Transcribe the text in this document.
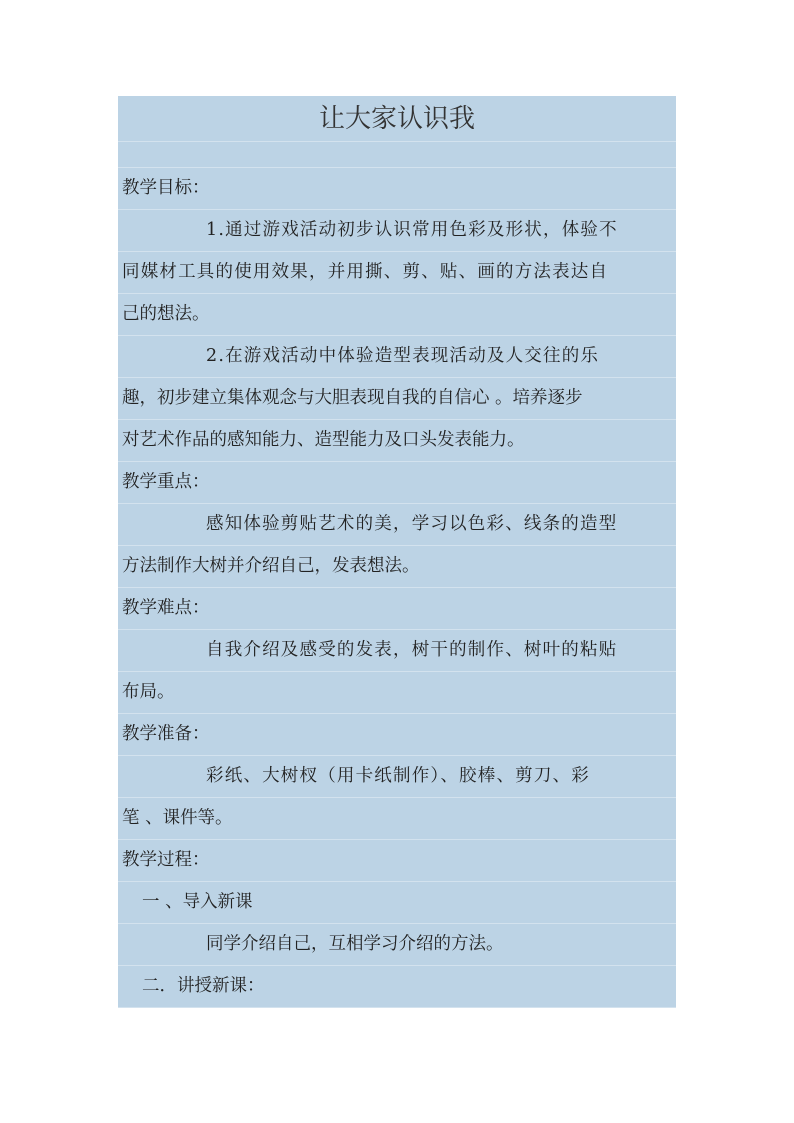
让大家认识我
教学目标：
1.通过游戏活动初步认识常用色彩及形状，体验不
同媒材工具的使用效果，并用撕、剪、贴、画的方法表达自
己的想法。
2.在游戏活动中体验造型表现活动及人交往的乐
趣，初步建立集体观念与大胆表现自我的自信心 。培养逐步
对艺术作品的感知能力、造型能力及口头发表能力。
教学重点：
感知体验剪贴艺术的美，学习以色彩、线条的造型
方法制作大树并介绍自己，发表想法。
教学难点：
自我介绍及感受的发表，树干的制作、树叶的粘贴
布局。
教学准备：
彩纸、大树杈（用卡纸制作）、胶棒、剪刀、彩
笔 、课件等。
教学过程：
一 、导入新课
同学介绍自己，互相学习介绍的方法。
二．讲授新课：
